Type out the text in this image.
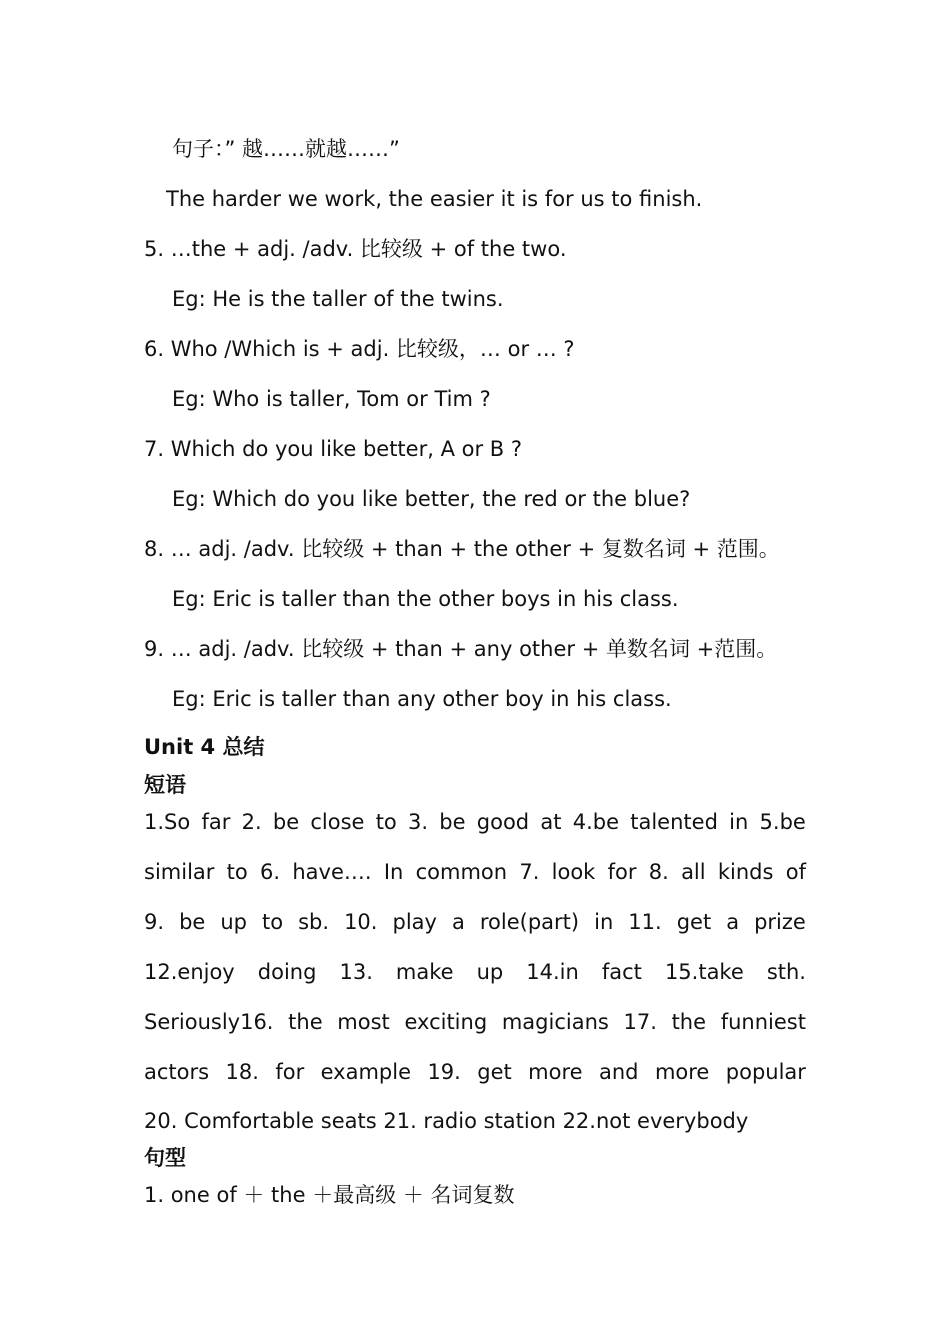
句子：” 越……就越……”
The harder we work, the easier it is for us to finish.
5. …the + adj. /adv. 比较级 + of the two.
Eg: He is the taller of the twins.
6. Who /Which is + adj. 比较级，… or … ?
Eg: Who is taller, Tom or Tim ?
7. Which do you like better, A or B ?
Eg: Which do you like better, the red or the blue?
8. … adj. /adv. 比较级 + than + the other + 复数名词 + 范围。
Eg: Eric is taller than the other boys in his class.
9. … adj. /adv. 比较级 + than + any other + 单数名词 +范围。
Eg: Eric is taller than any other boy in his class.
Unit 4 总结
短语
1.So far 2. be close to 3. be good at 4.be talented in 5.be
similar to 6. have…. In common 7. look for 8. all kinds of
9. be up to sb. 10. play a role(part) in 11. get a prize
12.enjoy doing 13. make up 14.in fact 15.take sth.
Seriously16. the most exciting magicians 17. the funniest
actors 18. for example 19. get more and more popular
20. Comfortable seats 21. radio station 22.not everybody
句型
1. one of ＋ the ＋最高级 ＋ 名词复数
